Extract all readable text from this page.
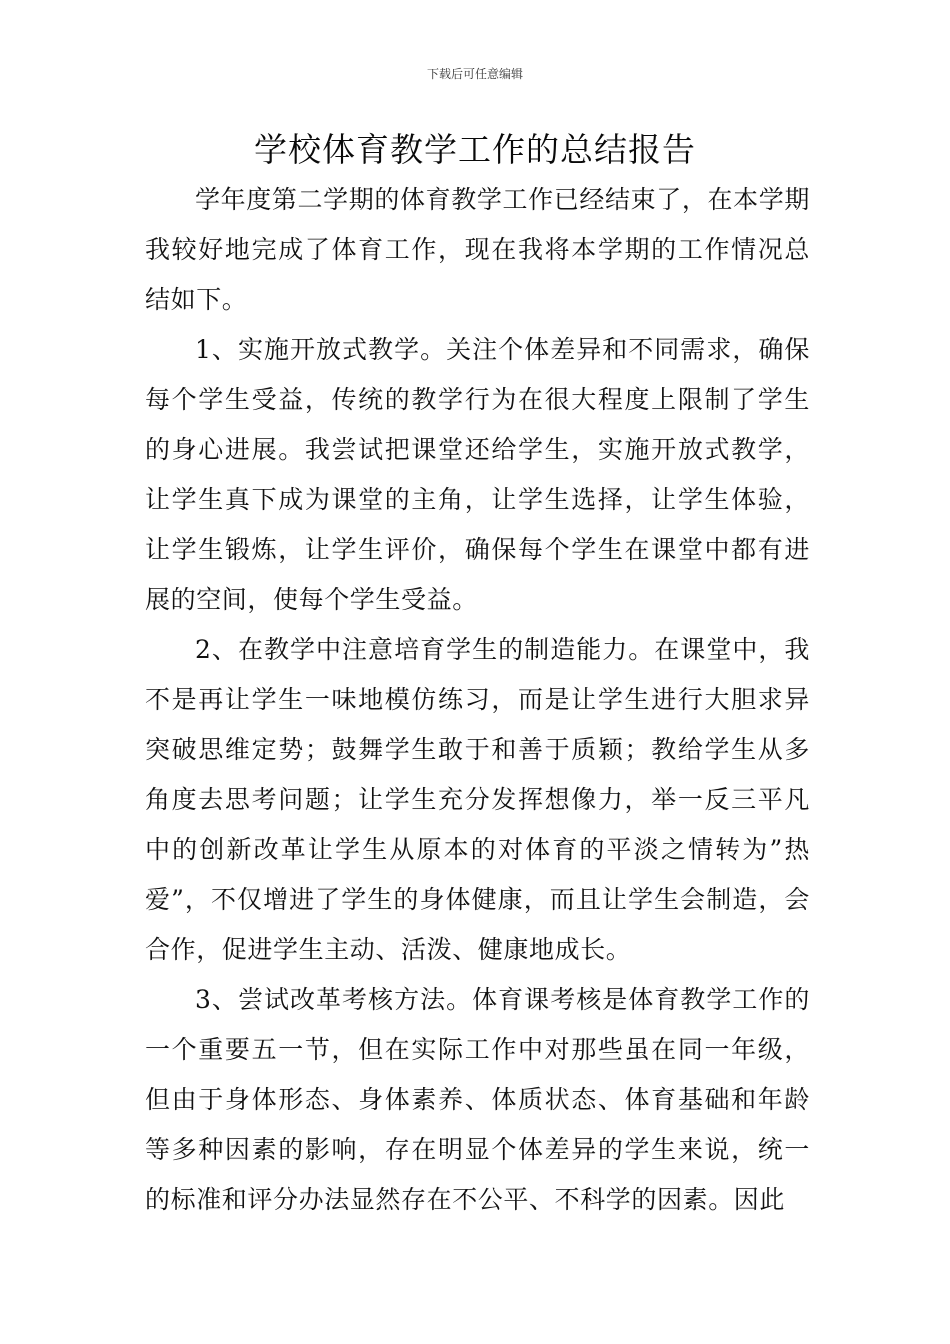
下载后可任意编辑
学校体育教学工作的总结报告

学年度第二学期的体育教学工作已经结束了，在本学期我较好地完成了体育工作，现在我将本学期的工作情况总结如下。

1、实施开放式教学。关注个体差异和不同需求，确保每个学生受益，传统的教学行为在很大程度上限制了学生的身心进展。我尝试把课堂还给学生，实施开放式教学，让学生真下成为课堂的主角，让学生选择，让学生体验，让学生锻炼，让学生评价，确保每个学生在课堂中都有进展的空间，使每个学生受益。

2、在教学中注意培育学生的制造能力。在课堂中，我不是再让学生一味地模仿练习，而是让学生进行大胆求异突破思维定势；鼓舞学生敢于和善于质颖；教给学生从多角度去思考问题；让学生充分发挥想像力，举一反三平凡中的创新改革让学生从原本的对体育的平淡之情转为”热爱”，不仅增进了学生的身体健康，而且让学生会制造，会合作，促进学生主动、活泼、健康地成长。

3、尝试改革考核方法。体育课考核是体育教学工作的一个重要五一节，但在实际工作中对那些虽在同一年级，但由于身体形态、身体素养、体质状态、体育基础和年龄等多种因素的影响，存在明显个体差异的学生来说，统一的标准和评分办法显然存在不公平、不科学的因素。因此
